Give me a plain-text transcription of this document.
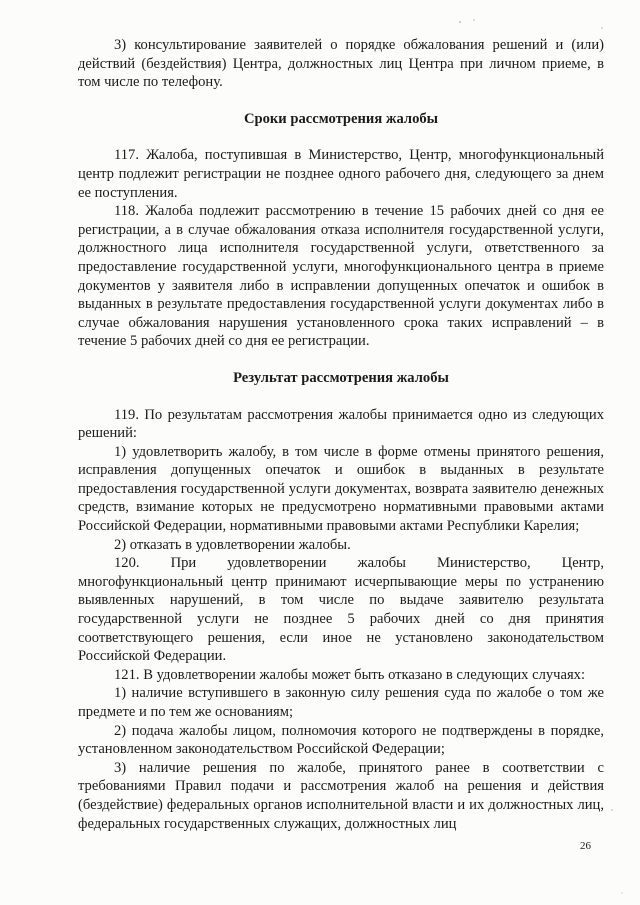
3) консультирование заявителей о порядке обжалования решений и (или) действий (бездействия) Центра, должностных лиц Центра при личном приеме, в том числе по телефону.

Сроки рассмотрения жалобы

117. Жалоба, поступившая в Министерство, Центр, многофункциональный центр подлежит регистрации не позднее одного рабочего дня, следующего за днем ее поступления.

118. Жалоба подлежит рассмотрению в течение 15 рабочих дней со дня ее регистрации, а в случае обжалования отказа исполнителя государственной услуги, должностного лица исполнителя государственной услуги, ответственного за предоставление государственной услуги, многофункционального центра в приеме документов у заявителя либо в исправлении допущенных опечаток и ошибок в выданных в результате предоставления государственной услуги документах либо в случае обжалования нарушения установленного срока таких исправлений – в течение 5 рабочих дней со дня ее регистрации.

Результат рассмотрения жалобы

119. По результатам рассмотрения жалобы принимается одно из следующих решений:

1) удовлетворить жалобу, в том числе в форме отмены принятого решения, исправления допущенных опечаток и ошибок в выданных в результате предоставления государственной услуги документах, возврата заявителю денежных средств, взимание которых не предусмотрено нормативными правовыми актами Российской Федерации, нормативными правовыми актами Республики Карелия;

2) отказать в удовлетворении жалобы.

120. При удовлетворении жалобы Министерство, Центр, многофункциональный центр принимают исчерпывающие меры по устранению выявленных нарушений, в том числе по выдаче заявителю результата государственной услуги не позднее 5 рабочих дней со дня принятия соответствующего решения, если иное не установлено законодательством Российской Федерации.

121. В удовлетворении жалобы может быть отказано в следующих случаях:

1) наличие вступившего в законную силу решения суда по жалобе о том же предмете и по тем же основаниям;

2) подача жалобы лицом, полномочия которого не подтверждены в порядке, установленном законодательством Российской Федерации;

3) наличие решения по жалобе, принятого ранее в соответствии с требованиями Правил подачи и рассмотрения жалоб на решения и действия (бездействие) федеральных органов исполнительной власти и их должностных лиц, федеральных государственных служащих, должностных лиц

26
